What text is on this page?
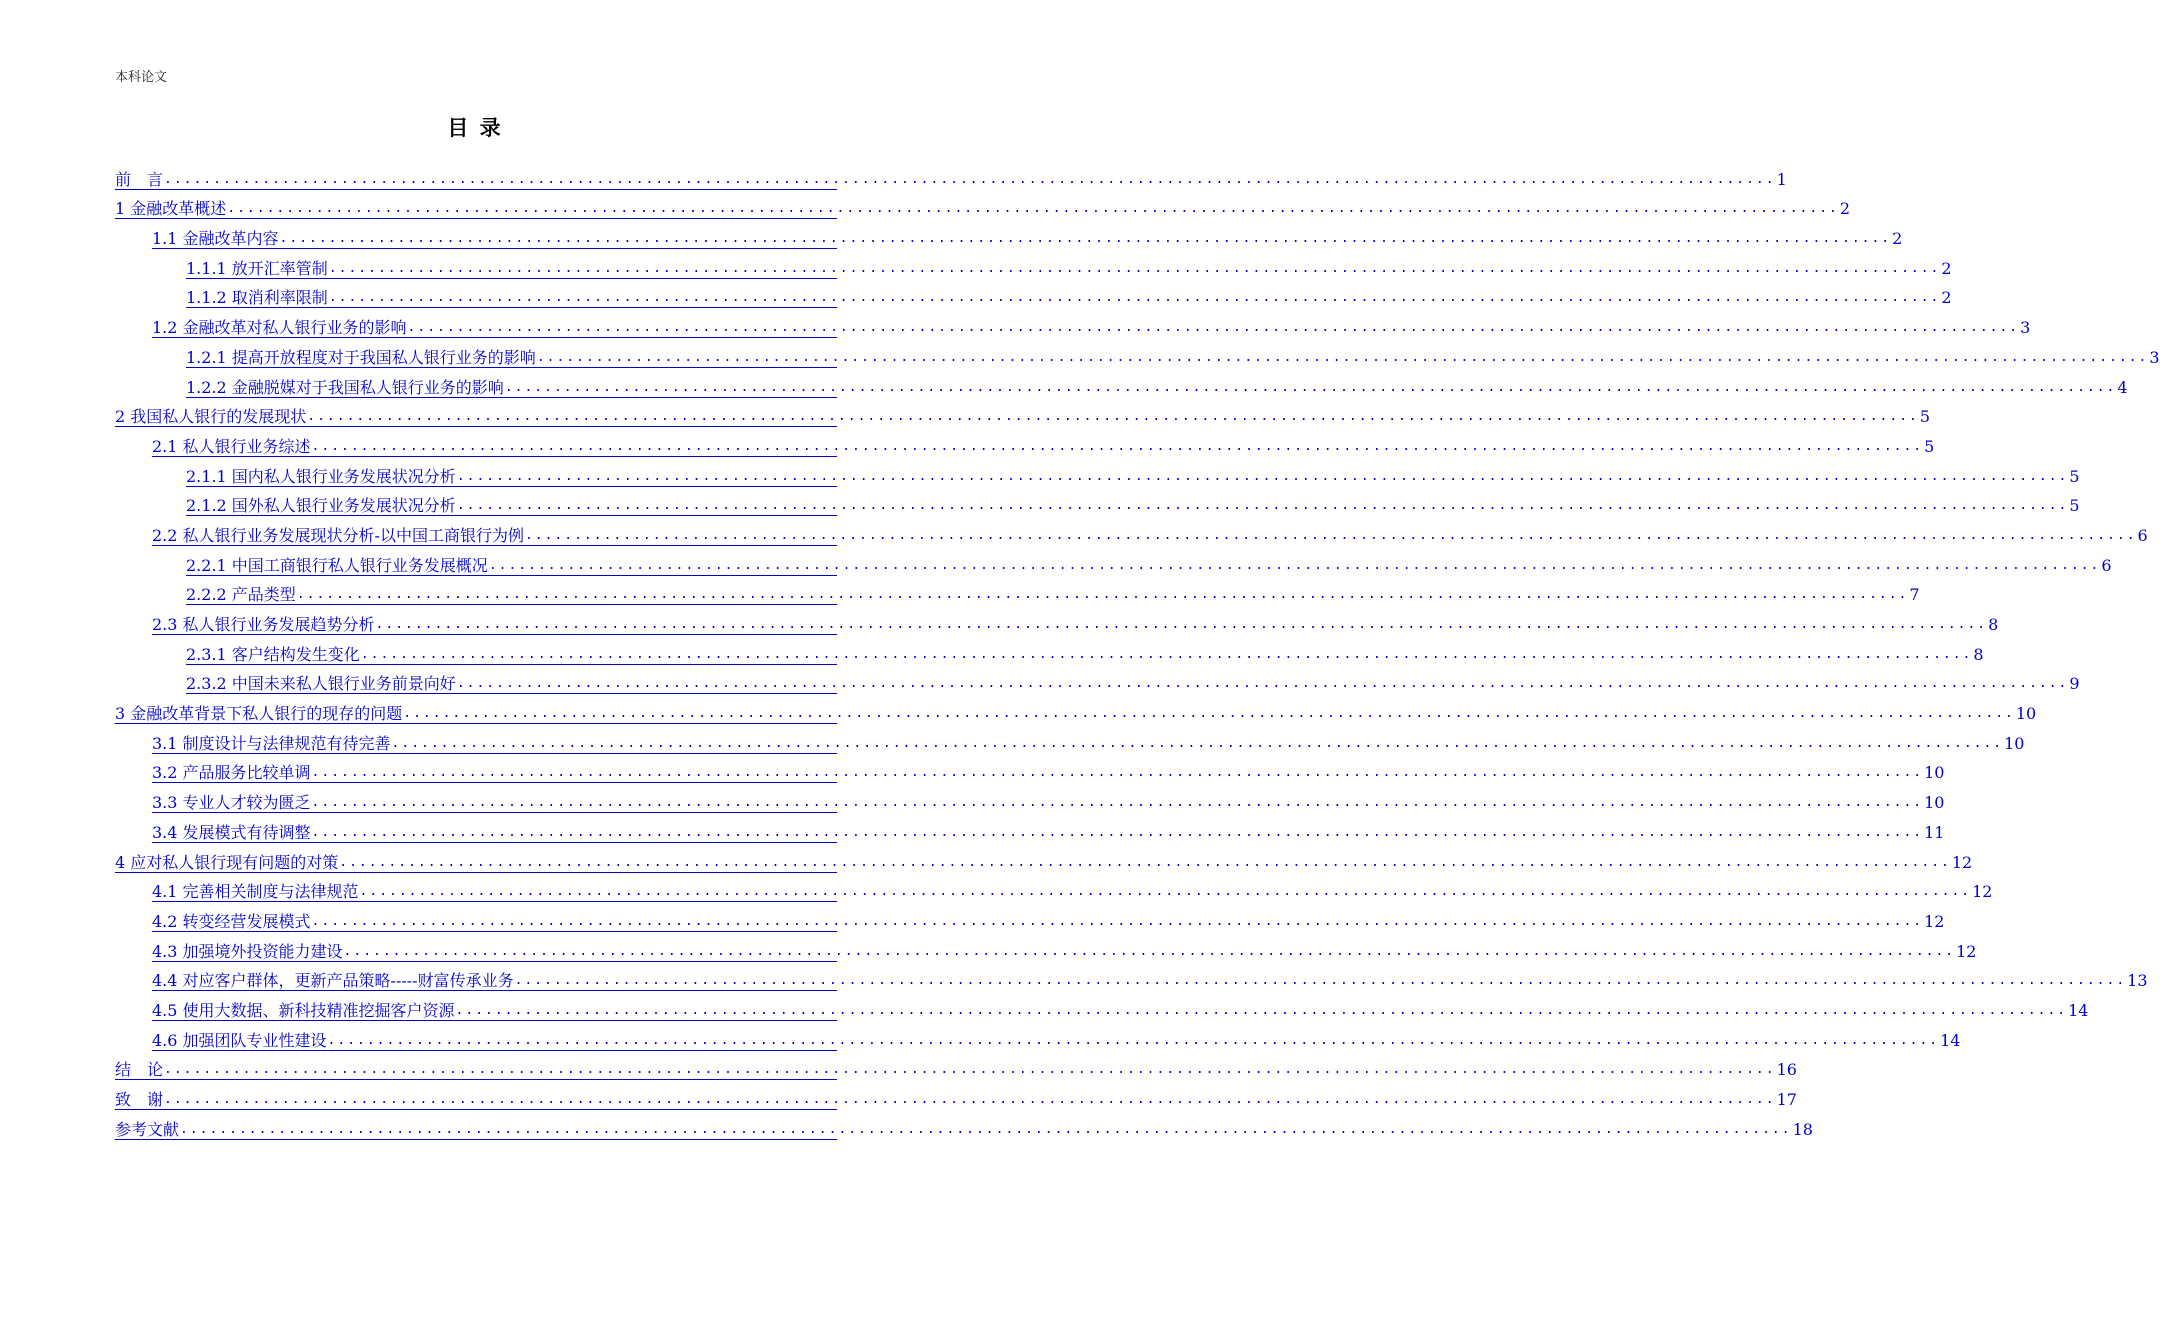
本科论文
目 录
前　言 .................................................................................................................................................................... 1
1 金融改革概述 .................................................................................................................................................................... 2
1.1 金融改革内容 .................................................................................................................................................................... 2
1.1.1 放开汇率管制 .................................................................................................................................................................... 2
1.1.2 取消利率限制 .................................................................................................................................................................... 2
1.2 金融改革对私人银行业务的影响 .................................................................................................................................................................... 3
1.2.1 提高开放程度对于我国私人银行业务的影响 .................................................................................................................................................................... 3
1.2.2 金融脱媒对于我国私人银行业务的影响 .................................................................................................................................................................... 4
2 我国私人银行的发展现状 .................................................................................................................................................................... 5
2.1 私人银行业务综述 .................................................................................................................................................................... 5
2.1.1 国内私人银行业务发展状况分析 .................................................................................................................................................................... 5
2.1.2 国外私人银行业务发展状况分析 .................................................................................................................................................................... 5
2.2 私人银行业务发展现状分析-以中国工商银行为例 .................................................................................................................................................................... 6
2.2.1 中国工商银行私人银行业务发展概况 .................................................................................................................................................................... 6
2.2.2 产品类型 .................................................................................................................................................................... 7
2.3 私人银行业务发展趋势分析 .................................................................................................................................................................... 8
2.3.1 客户结构发生变化 .................................................................................................................................................................... 8
2.3.2 中国未来私人银行业务前景向好 .................................................................................................................................................................... 9
3 金融改革背景下私人银行的现存的问题 .................................................................................................................................................................... 10
3.1 制度设计与法律规范有待完善 .................................................................................................................................................................... 10
3.2 产品服务比较单调 .................................................................................................................................................................... 10
3.3 专业人才较为匮乏 .................................................................................................................................................................... 10
3.4 发展模式有待调整 .................................................................................................................................................................... 11
4 应对私人银行现有问题的对策 .................................................................................................................................................................... 12
4.1 完善相关制度与法律规范 .................................................................................................................................................................... 12
4.2 转变经营发展模式 .................................................................................................................................................................... 12
4.3 加强境外投资能力建设 .................................................................................................................................................................... 12
4.4 对应客户群体，更新产品策略-----财富传承业务 .................................................................................................................................................................... 13
4.5 使用大数据、新科技精准挖掘客户资源 .................................................................................................................................................................... 14
4.6 加强团队专业性建设 .................................................................................................................................................................... 14
结　论 .................................................................................................................................................................... 16
致　谢 .................................................................................................................................................................... 17
参考文献 .................................................................................................................................................................... 18
